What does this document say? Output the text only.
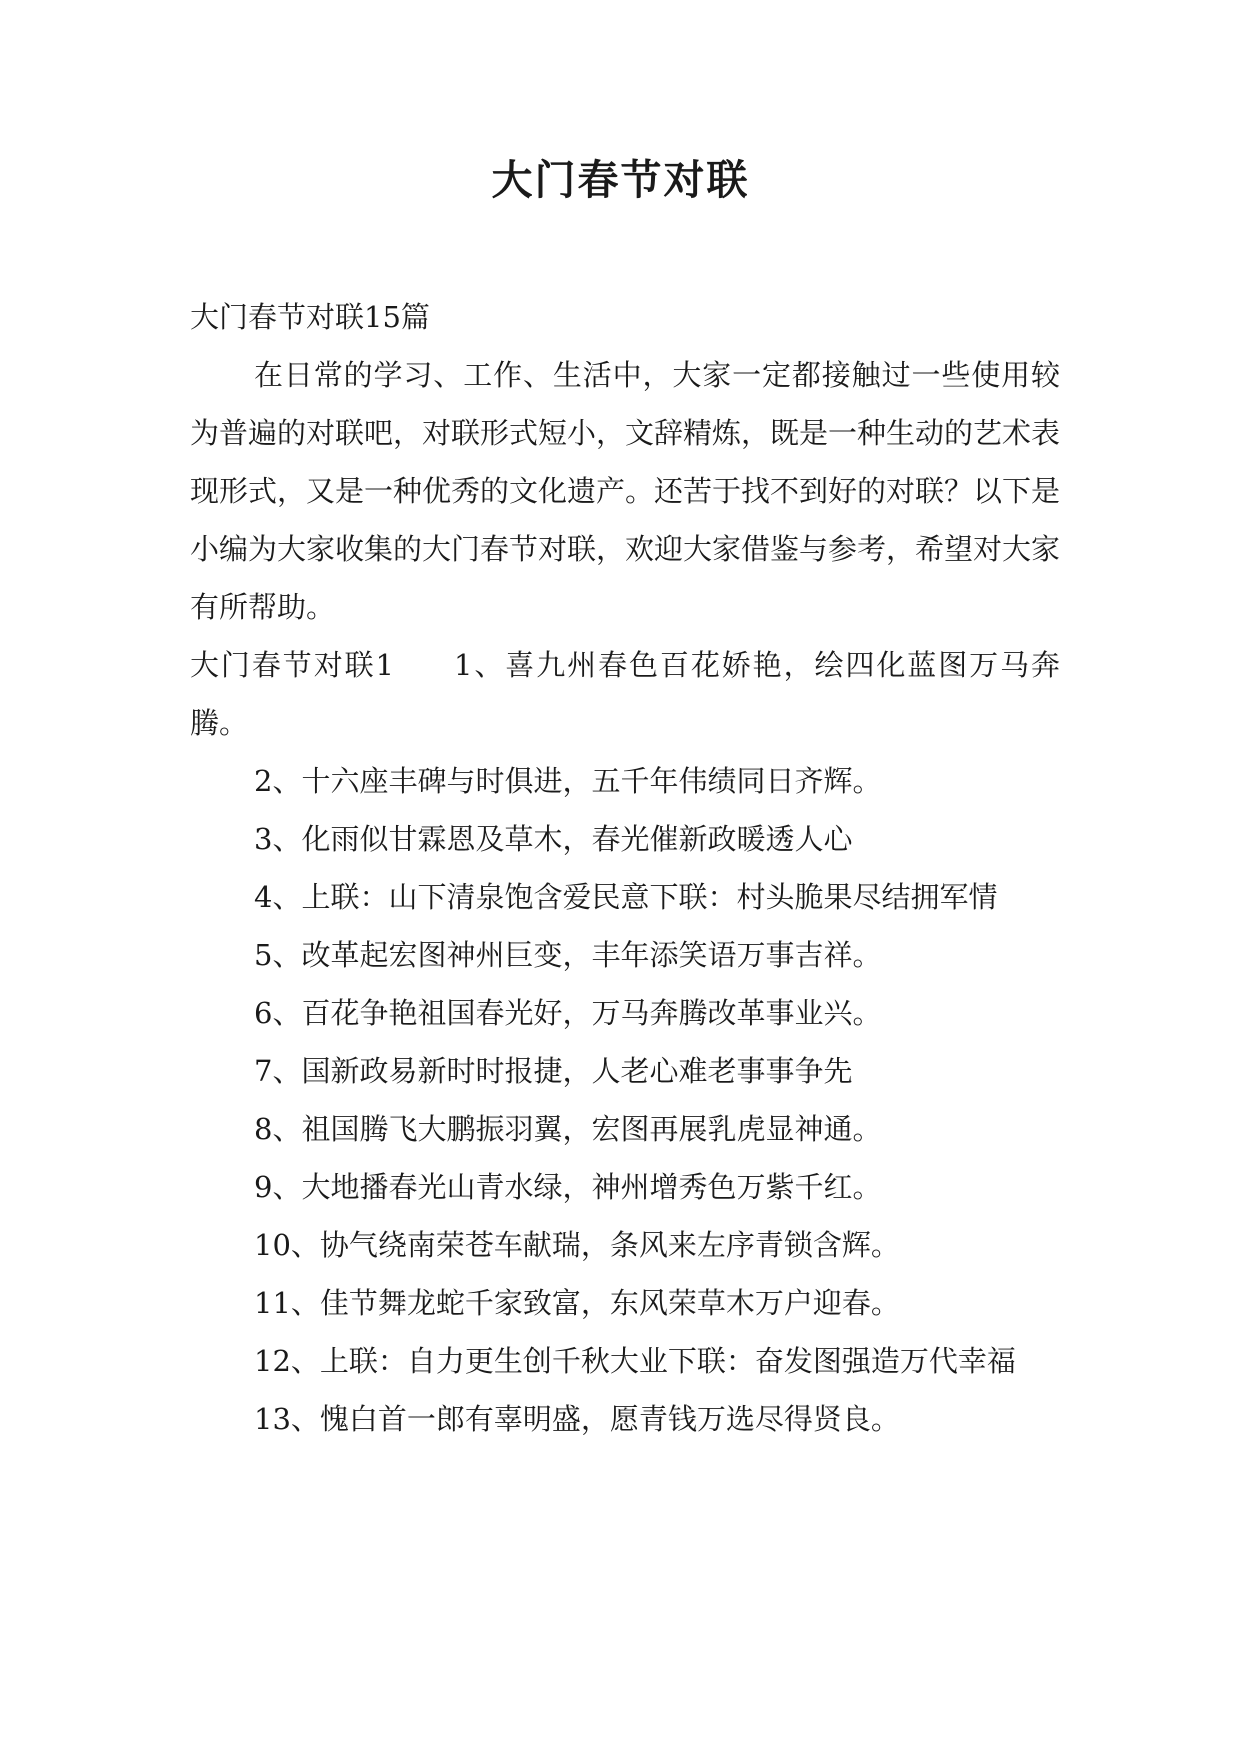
大门春节对联

大门春节对联15篇

在日常的学习、工作、生活中，大家一定都接触过一些使用较为普遍的对联吧，对联形式短小，文辞精炼，既是一种生动的艺术表现形式，又是一种优秀的文化遗产。还苦于找不到好的对联？以下是小编为大家收集的大门春节对联，欢迎大家借鉴与参考，希望对大家有所帮助。

大门春节对联1 1、喜九州春色百花娇艳，绘四化蓝图万马奔腾。

2、十六座丰碑与时俱进，五千年伟绩同日齐辉。

3、化雨似甘霖恩及草木，春光催新政暖透人心

4、上联：山下清泉饱含爱民意下联：村头脆果尽结拥军情

5、改革起宏图神州巨变，丰年添笑语万事吉祥。

6、百花争艳祖国春光好，万马奔腾改革事业兴。

7、国新政易新时时报捷，人老心难老事事争先

8、祖国腾飞大鹏振羽翼，宏图再展乳虎显神通。

9、大地播春光山青水绿，神州增秀色万紫千红。

10、协气绕南荣苍车献瑞，条风来左序青锁含辉。

11、佳节舞龙蛇千家致富，东风荣草木万户迎春。

12、上联：自力更生创千秋大业下联：奋发图强造万代幸福

13、愧白首一郎有辜明盛，愿青钱万选尽得贤良。
